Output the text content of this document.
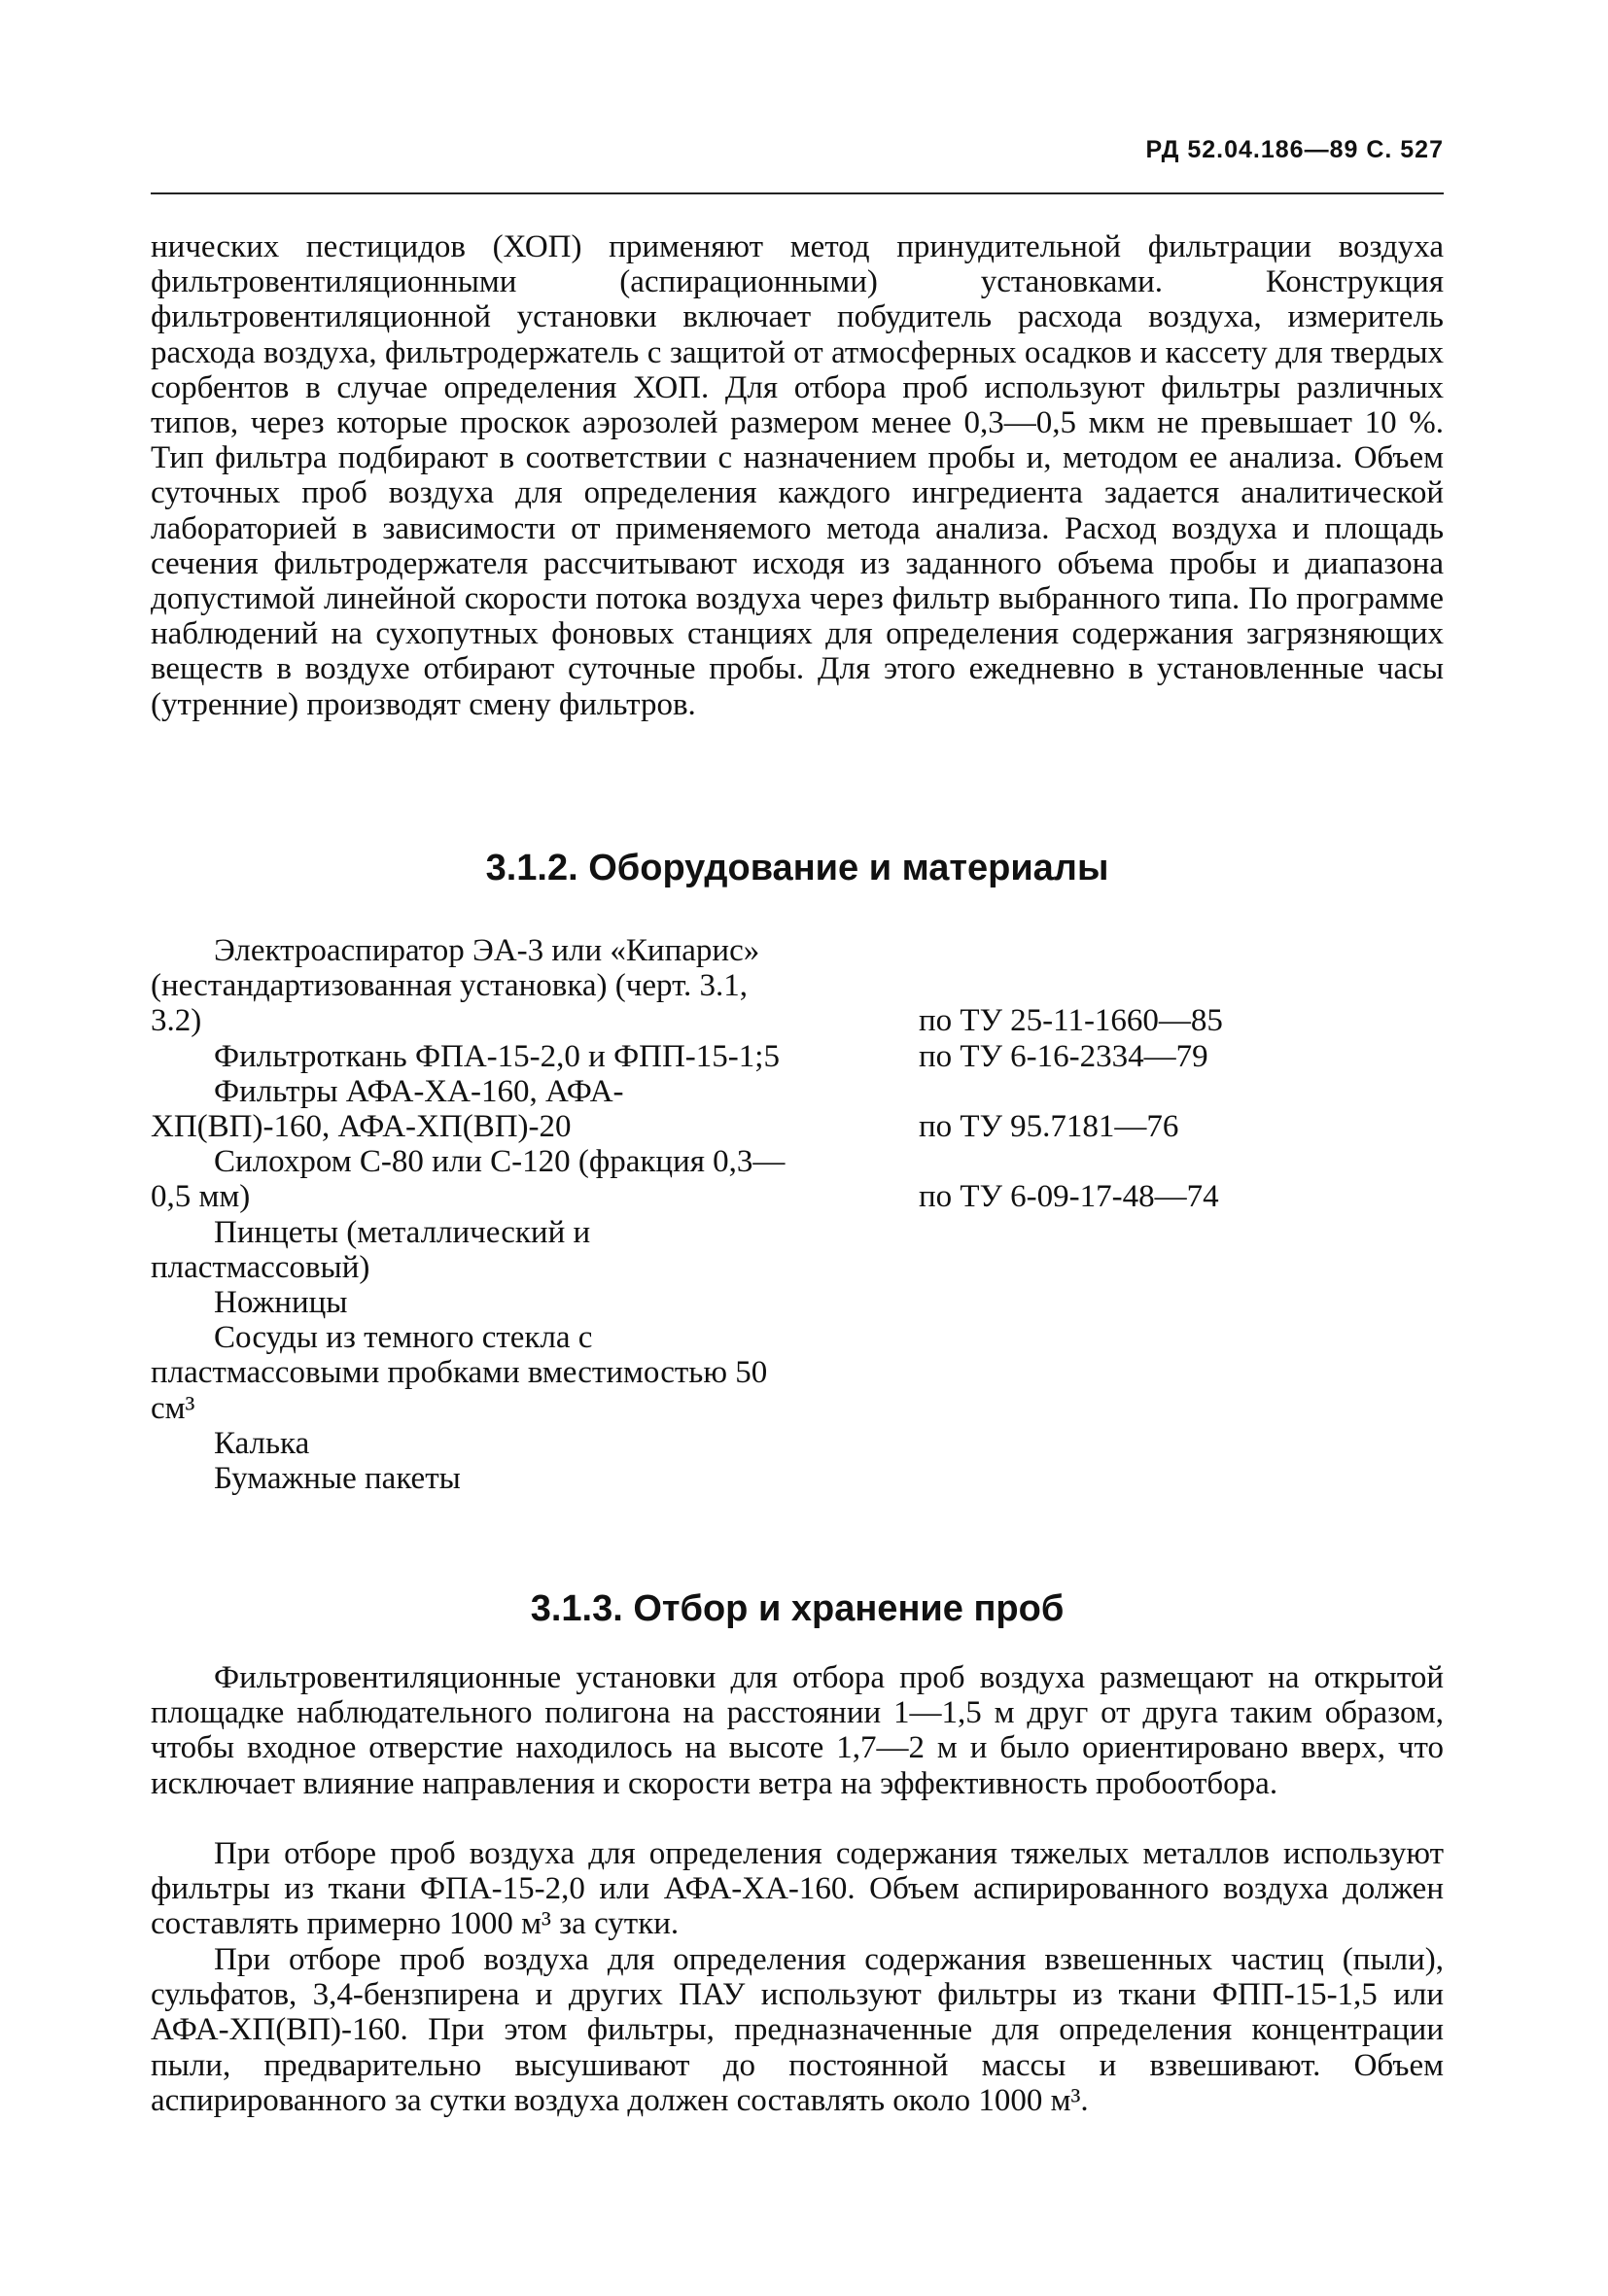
РД 52.04.186—89 С. 527

нических пестицидов (ХОП) применяют метод принудительной фильтрации воздуха фильтровентиляционными (аспирационными) установками. Конструкция фильтровентиляционной установки включает побудитель расхода воздуха, измеритель расхода воздуха, фильтродержатель с защитой от атмосферных осадков и кассету для твердых сорбентов в случае определения ХОП. Для отбора проб используют фильтры различных типов, через которые проскок аэрозолей размером менее 0,3—0,5 мкм не превышает 10 %. Тип фильтра подбирают в соответствии с назначением пробы и, методом ее анализа. Объем суточных проб воздуха для определения каждого ингредиента задается аналитической лабораторией в зависимости от применяемого метода анализа. Расход воздуха и площадь сечения фильтродержателя рассчитывают исходя из заданного объема пробы и диапазона допустимой линейной скорости потока воздуха через фильтр выбранного типа. По программе наблюдений на сухопутных фоновых станциях для определения содержания загрязняющих веществ в воздухе отбирают суточные пробы. Для этого ежедневно в установленные часы (утренние) производят смену фильтров.

3.1.2. Оборудование и материалы
Электроаспиратор ЭА-3 или «Кипарис» (нестандартизованная установка) (черт. 3.1, 3.2)	по ТУ 25-11-1660—85
Фильтроткань ФПА-15-2,0 и ФПП-15-1;5	по ТУ 6-16-2334—79
Фильтры АФА-ХА-160, АФА-ХП(ВП)-160, АФА-ХП(ВП)-20	по ТУ 95.7181—76
Силохром С-80 или С-120 (фракция 0,3—0,5 мм)	по ТУ 6-09-17-48—74
Пинцеты (металлический и пластмассовый)
Ножницы
Сосуды из темного стекла с пластмассовыми пробками вместимостью 50 см³
Калька
Бумажные пакеты
3.1.3. Отбор и хранение проб

Фильтровентиляционные установки для отбора проб воздуха размещают на открытой площадке наблюдательного полигона на расстоянии 1—1,5 м друг от друга таким образом, чтобы входное отверстие находилось на высоте 1,7—2 м и было ориентировано вверх, что исключает влияние направления и скорости ветра на эффективность пробоотбора.

При отборе проб воздуха для определения содержания тяжелых металлов используют фильтры из ткани ФПА-15-2,0 или АФА-ХА-160. Объем аспирированного воздуха должен составлять примерно 1000 м³ за сутки.

При отборе проб воздуха для определения содержания взвешенных частиц (пыли), сульфатов, 3,4-бензпирена и других ПАУ используют фильтры из ткани ФПП-15-1,5 или АФА-ХП(ВП)-160. При этом фильтры, предназначенные для определения концентрации пыли, предварительно высушивают до постоянной массы и взвешивают. Объем аспирированного за сутки воздуха должен составлять около 1000 м³.
